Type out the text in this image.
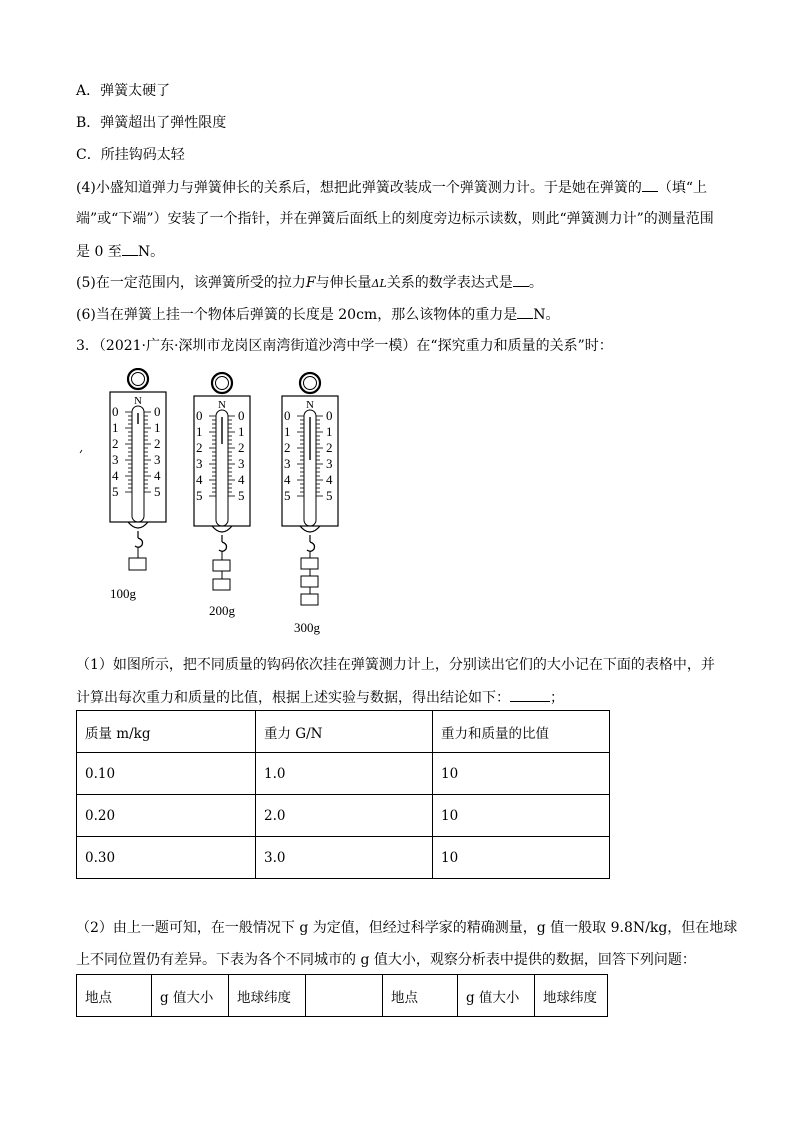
A．弹簧太硬了
B．弹簧超出了弹性限度
C．所挂钩码太轻
(4)小盛知道弹力与弹簧伸长的关系后，想把此弹簧改装成一个弹簧测力计。于是她在弹簧的 （填“上
端”或“下端”）安装了一个指针，并在弹簧后面纸上的刻度旁边标示读数，则此“弹簧测力计”的测量范围
是 0 至 N。
(5)在一定范围内，该弹簧所受的拉力F与伸长量ΔL关系的数学表达式是 。
(6)当在弹簧上挂一个物体后弹簧的长度是 20cm，那么该物体的重力是 N。
3．（2021·广东·深圳市龙岗区南湾街道沙湾中学一模）在“探究重力和质量的关系”时：
N
0
1
2
3
4
5
0
1
2
3
4
5
N
0
1
2
3
4
5
0
1
2
3
4
5
N
0
1
2
3
4
5
0
1
2
3
4
5
100g
200g
300g
（1）如图所示，把不同质量的钩码依次挂在弹簧测力计上，分别读出它们的大小记在下面的表格中，并
计算出每次重力和质量的比值，根据上述实验与数据，得出结论如下：	；
质量 m/kg	重力 G/N	重力和质量的比值
0.10	1.0	10
0.20	2.0	10
0.30	3.0	10
（2）由上一题可知，在一般情况下 g 为定值，但经过科学家的精确测量，g 值一般取 9.8N/kg，但在地球
上不同位置仍有差异。下表为各个不同城市的 g 值大小，观察分析表中提供的数据，回答下列问题：
地点	g 值大小	地球纬度		地点	g 值大小	地球纬度
